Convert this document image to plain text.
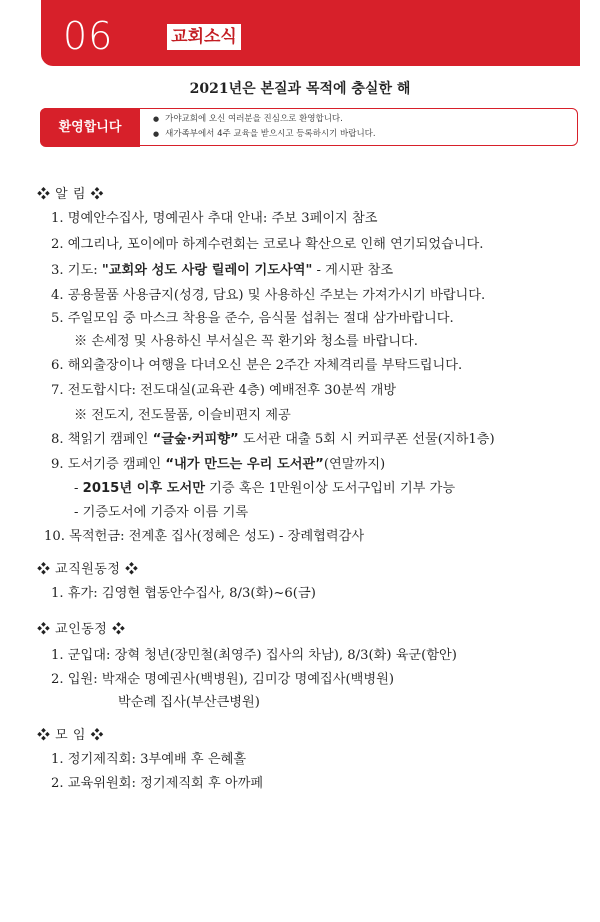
06	교회소식
2021년은 본질과 목적에 충실한 해
환영합니다
● 가야교회에 오신 여러분을 진심으로 환영합니다.
● 새가족부에서 4주 교육을 받으시고 등록하시기 바랍니다.
❖ 알 림 ❖
1. 명예안수집사, 명예권사 추대 안내: 주보 3페이지 참조
2. 예그리나, 포이에마 하계수련회는 코로나 확산으로 인해 연기되었습니다.
3. 기도: "교회와 성도 사랑 릴레이 기도사역" - 게시판 참조
4. 공용물품 사용금지(성경, 담요) 및 사용하신 주보는 가져가시기 바랍니다.
5. 주일모임 중 마스크 착용을 준수, 음식물 섭취는 절대 삼가바랍니다.
※ 손세정 및 사용하신 부서실은 꼭 환기와 청소를 바랍니다.
6. 해외출장이나 여행을 다녀오신 분은 2주간 자체격리를 부탁드립니다.
7. 전도합시다: 전도대실(교육관 4층) 예배전후 30분씩 개방
※ 전도지, 전도물품, 이슬비편지 제공
8. 책읽기 캠페인 “글숲·커피향” 도서관 대출 5회 시 커피쿠폰 선물(지하1층)
9. 도서기증 캠페인 “내가 만드는 우리 도서관”(연말까지)
- 2015년 이후 도서만 기증 혹은 1만원이상 도서구입비 기부 가능
- 기증도서에 기증자 이름 기록
10. 목적헌금: 전계훈 집사(정혜은 성도) - 장례협력감사
❖ 교직원동정 ❖
1. 휴가: 김영현 협동안수집사, 8/3(화)~6(금)
❖ 교인동정 ❖
1. 군입대: 장혁 청년(장민철(최영주) 집사의 차남), 8/3(화) 육군(함안)
2. 입원: 박재순 명예권사(백병원), 김미강 명예집사(백병원)
박순례 집사(부산큰병원)
❖ 모 임 ❖
1. 정기제직회: 3부예배 후 은혜홀
2. 교육위원회: 정기제직회 후 아까페
